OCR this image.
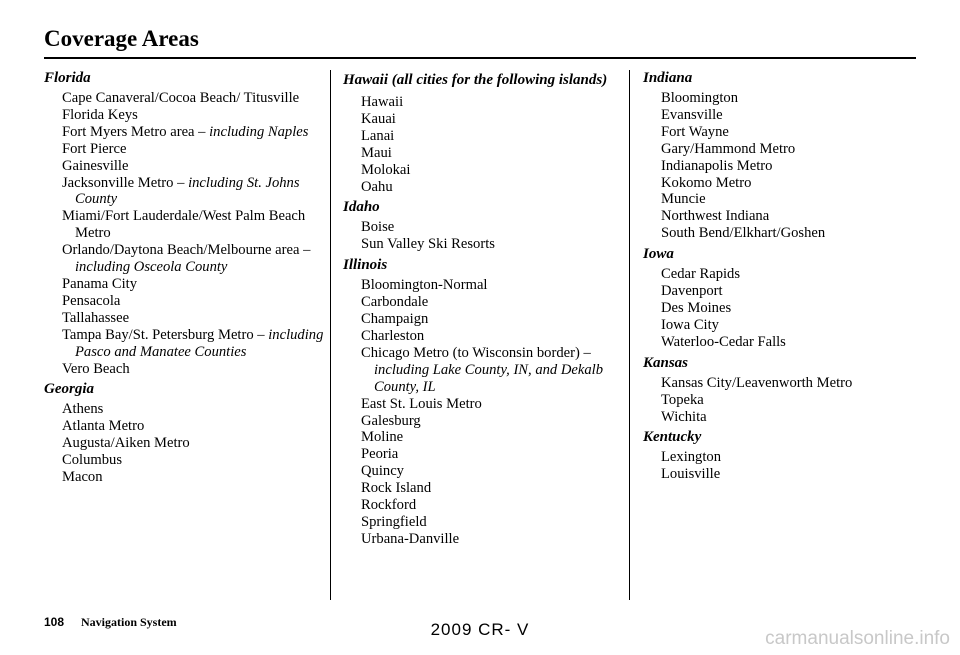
Coverage Areas
Florida
Cape Canaveral/Cocoa Beach/ Titusville
Florida Keys
Fort Myers Metro area – including Naples
Fort Pierce
Gainesville
Jacksonville Metro – including St. Johns County
Miami/Fort Lauderdale/West Palm Beach Metro
Orlando/Daytona Beach/Melbourne area – including Osceola County
Panama City
Pensacola
Tallahassee
Tampa Bay/St. Petersburg Metro – including Pasco and Manatee Counties
Vero Beach
Georgia
Athens
Atlanta Metro
Augusta/Aiken Metro
Columbus
Macon
Hawaii (all cities for the following islands)
Hawaii
Kauai
Lanai
Maui
Molokai
Oahu
Idaho
Boise
Sun Valley Ski Resorts
Illinois
Bloomington-Normal
Carbondale
Champaign
Charleston
Chicago Metro (to Wisconsin border) – including Lake County, IN, and Dekalb County, IL
East St. Louis Metro
Galesburg
Moline
Peoria
Quincy
Rock Island
Rockford
Springfield
Urbana-Danville
Indiana
Bloomington
Evansville
Fort Wayne
Gary/Hammond Metro
Indianapolis Metro
Kokomo Metro
Muncie
Northwest Indiana
South Bend/Elkhart/Goshen
Iowa
Cedar Rapids
Davenport
Des Moines
Iowa City
Waterloo-Cedar Falls
Kansas
Kansas City/Leavenworth Metro
Topeka
Wichita
Kentucky
Lexington
Louisville
108 Navigation System	2009 CR- V	carmanualsonline.info
